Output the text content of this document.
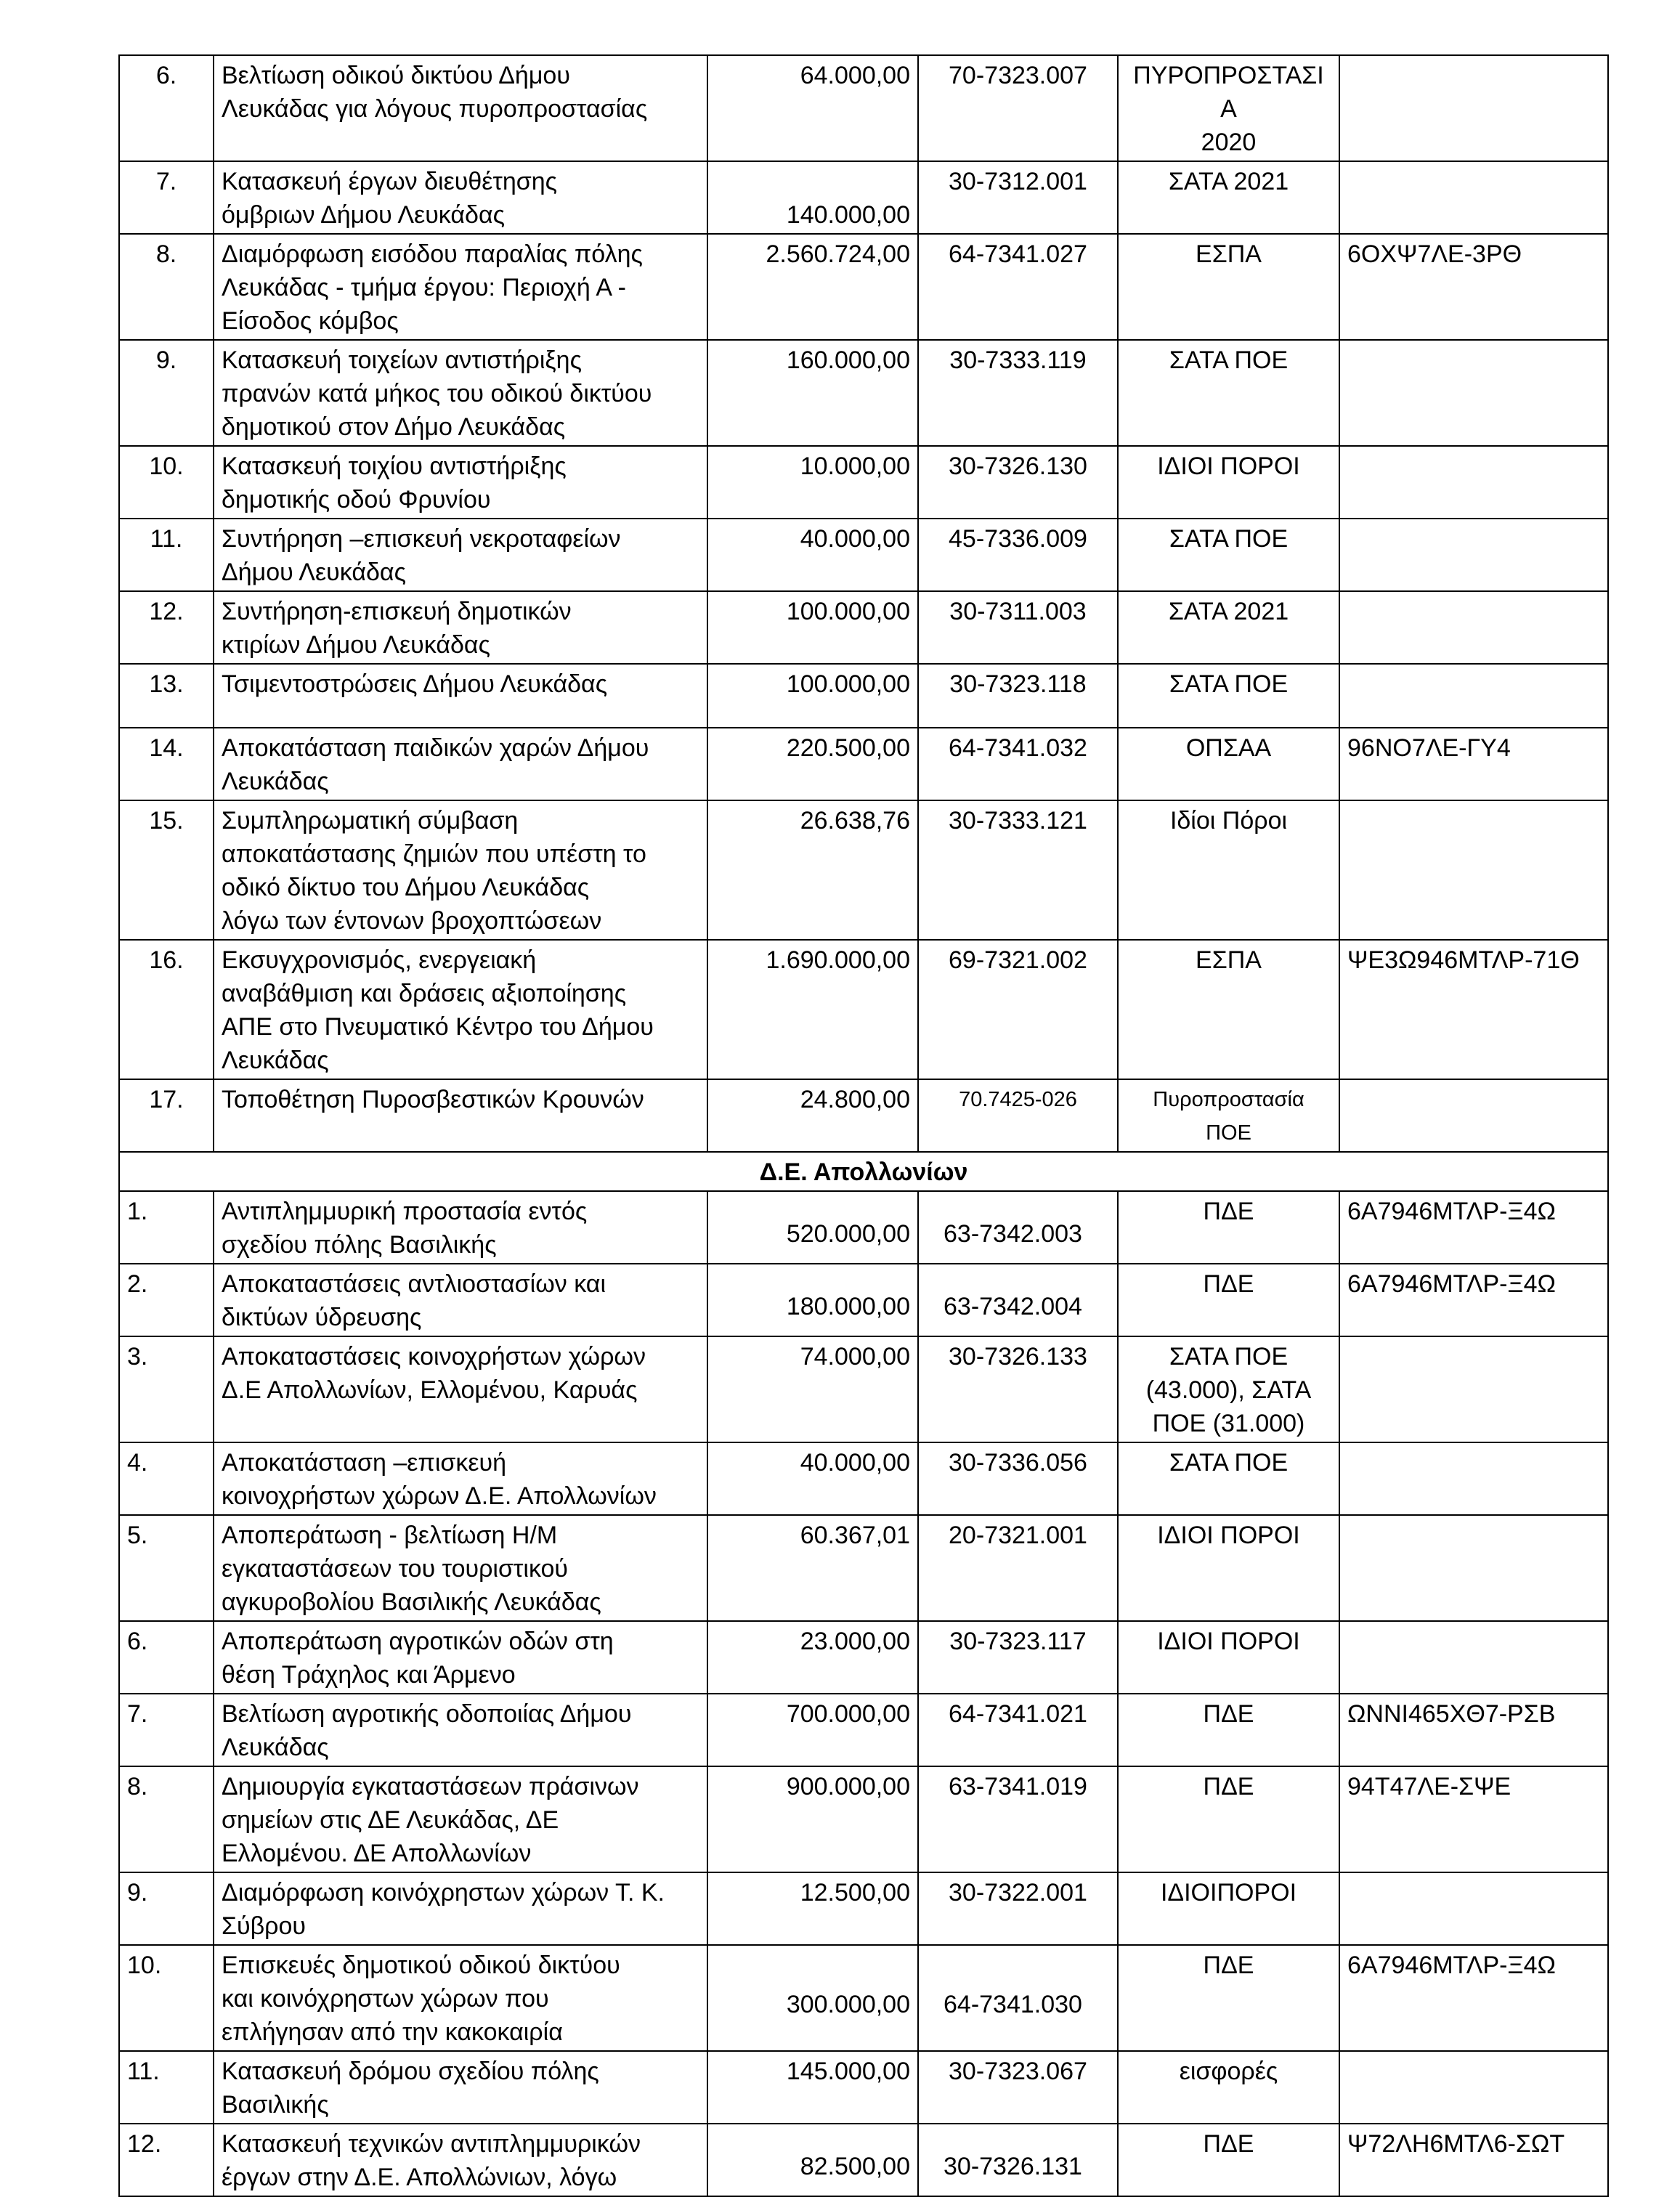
6.	Βελτίωση οδικού δικτύου Δήμου
Λευκάδας για λόγους πυροπροστασίας	64.000,00	70-7323.007	ΠΥΡΟΠΡΟΣΤΑΣΙΑ
2020	

7.	Κατασκευή έργων διευθέτησης
όμβριων Δήμου Λευκάδας	140.000,00	30-7312.001	ΣΑΤΑ 2021	

8.	Διαμόρφωση εισόδου παραλίας πόλης
Λευκάδας - τμήμα έργου: Περιοχή Α -
Είσοδος κόμβος	2.560.724,00	64-7341.027	ΕΣΠΑ	6ΟΧΨ7ΛΕ-3ΡΘ
9.	Κατασκευή τοιχείων αντιστήριξης
πρανών κατά μήκος του οδικού δικτύου
δημοτικού στον Δήμο Λευκάδας	160.000,00	30-7333.119	ΣΑΤΑ ΠΟΕ	

10.	Κατασκευή τοιχίου αντιστήριξης
δημοτικής οδού Φρυνίου	10.000,00	30-7326.130	ΙΔΙΟΙ ΠΟΡΟΙ	

11.	Συντήρηση –επισκευή νεκροταφείων
Δήμου Λευκάδας	40.000,00	45-7336.009	ΣΑΤΑ ΠΟΕ	

12.	Συντήρηση-επισκευή δημοτικών
κτιρίων Δήμου Λευκάδας	100.000,00	30-7311.003	ΣΑΤΑ 2021	

13.	Τσιμεντοστρώσεις Δήμου Λευκάδας	100.000,00	30-7323.118	ΣΑΤΑ ΠΟΕ	

14.	Αποκατάσταση παιδικών χαρών Δήμου
Λευκάδας	220.500,00	64-7341.032	ΟΠΣΑΑ	96ΝΟ7ΛΕ-ΓΥ4
15.	Συμπληρωματική σύμβαση
αποκατάστασης ζημιών που υπέστη το
οδικό δίκτυο του Δήμου Λευκάδας
λόγω των έντονων βροχοπτώσεων	26.638,76	30-7333.121	Ιδίοι Πόροι	

16.	Εκσυγχρονισμός, ενεργειακή
αναβάθμιση και δράσεις αξιοποίησης
ΑΠΕ στο Πνευματικό Κέντρο του Δήμου
Λευκάδας	1.690.000,00	69-7321.002	ΕΣΠΑ	ΨΕ3Ω946ΜΤΛΡ-71Θ
17.	Τοποθέτηση Πυροσβεστικών Κρουνών	24.800,00	70.7425-026	Πυροπροστασία
ΠΟΕ	

Δ.Ε. Απολλωνίων					
1.	Αντιπλημμυρική προστασία εντός
σχεδίου πόλης Βασιλικής	520.000,00	63-7342.003	ΠΔΕ	6Α7946ΜΤΛΡ-Ξ4Ω
2.	Αποκαταστάσεις αντλιοστασίων και
δικτύων ύδρευσης	180.000,00	63-7342.004	ΠΔΕ	6Α7946ΜΤΛΡ-Ξ4Ω
3.	Αποκαταστάσεις κοινοχρήστων χώρων
Δ.Ε Απολλωνίων, Ελλομένου, Καρυάς	74.000,00	30-7326.133	ΣΑΤΑ ΠΟΕ
(43.000), ΣΑΤΑ
ΠΟΕ (31.000)	

4.	Αποκατάσταση –επισκευή
κοινοχρήστων χώρων Δ.Ε. Απολλωνίων	40.000,00	30-7336.056	ΣΑΤΑ ΠΟΕ	

5.	Αποπεράτωση - βελτίωση Η/Μ
εγκαταστάσεων του τουριστικού
αγκυροβολίου Βασιλικής Λευκάδας	60.367,01	20-7321.001	ΙΔΙΟΙ ΠΟΡΟΙ	

6.	Αποπεράτωση αγροτικών οδών στη
θέση Τράχηλος και Άρμενο	23.000,00	30-7323.117	ΙΔΙΟΙ ΠΟΡΟΙ	

7.	Βελτίωση αγροτικής οδοποιίας Δήμου
Λευκάδας	700.000,00	64-7341.021	ΠΔΕ	ΩΝΝΙ465ΧΘ7-ΡΣΒ
8.	Δημιουργία εγκαταστάσεων πράσινων
σημείων στις ΔΕ Λευκάδας, ΔΕ
Ελλομένου. ΔΕ Απολλωνίων	900.000,00	63-7341.019	ΠΔΕ	94Τ47ΛΕ-ΣΨΕ
9.	Διαμόρφωση κοινόχρηστων χώρων Τ. Κ.
Σύβρου	12.500,00	30-7322.001	ΙΔΙΟΙΠΟΡΟΙ	

10.	Επισκευές δημοτικού οδικού δικτύου
και κοινόχρηστων χώρων που
επλήγησαν από την κακοκαιρία	300.000,00	64-7341.030	ΠΔΕ	6Α7946ΜΤΛΡ-Ξ4Ω
11.	Κατασκευή δρόμου σχεδίου πόλης
Βασιλικής	145.000,00	30-7323.067	εισφορές	

12.	Κατασκευή τεχνικών αντιπλημμυρικών
έργων στην Δ.Ε. Απολλώνιων, λόγω	82.500,00	30-7326.131	ΠΔΕ	Ψ72ΛΗ6ΜΤΛ6-ΣΩΤ
